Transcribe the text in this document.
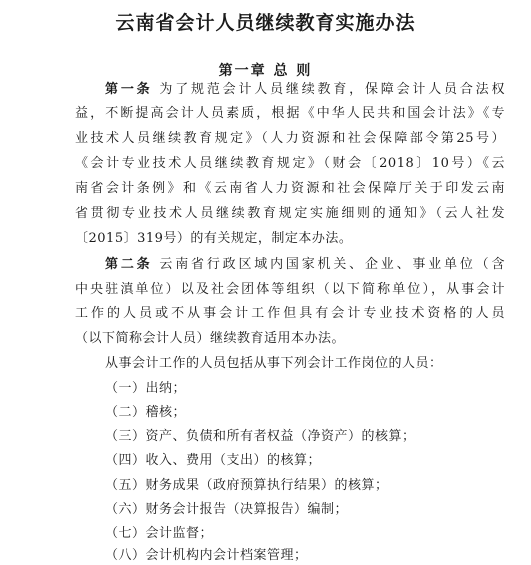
云南省会计人员继续教育实施办法
第一章 总 则
第一条 为了规范会计人员继续教育，保障会计人员合法权
益，不断提高会计人员素质，根据《中华人民共和国会计法》《专
业技术人员继续教育规定》（人力资源和社会保障部令第25号）
《会计专业技术人员继续教育规定》（财会〔2018〕10号）《云
南省会计条例》和《云南省人力资源和社会保障厅关于印发云南
省贯彻专业技术人员继续教育规定实施细则的通知》（云人社发
〔2015〕319号）的有关规定，制定本办法。
第二条 云南省行政区域内国家机关、企业、事业单位（含
中央驻滇单位）以及社会团体等组织（以下简称单位），从事会计
工作的人员或不从事会计工作但具有会计专业技术资格的人员
（以下简称会计人员）继续教育适用本办法。
从事会计工作的人员包括从事下列会计工作岗位的人员：
（一）出纳；
（二）稽核；
（三）资产、负债和所有者权益（净资产）的核算；
（四）收入、费用（支出）的核算；
（五）财务成果（政府预算执行结果）的核算；
（六）财务会计报告（决算报告）编制；
（七）会计监督；
（八）会计机构内会计档案管理；
